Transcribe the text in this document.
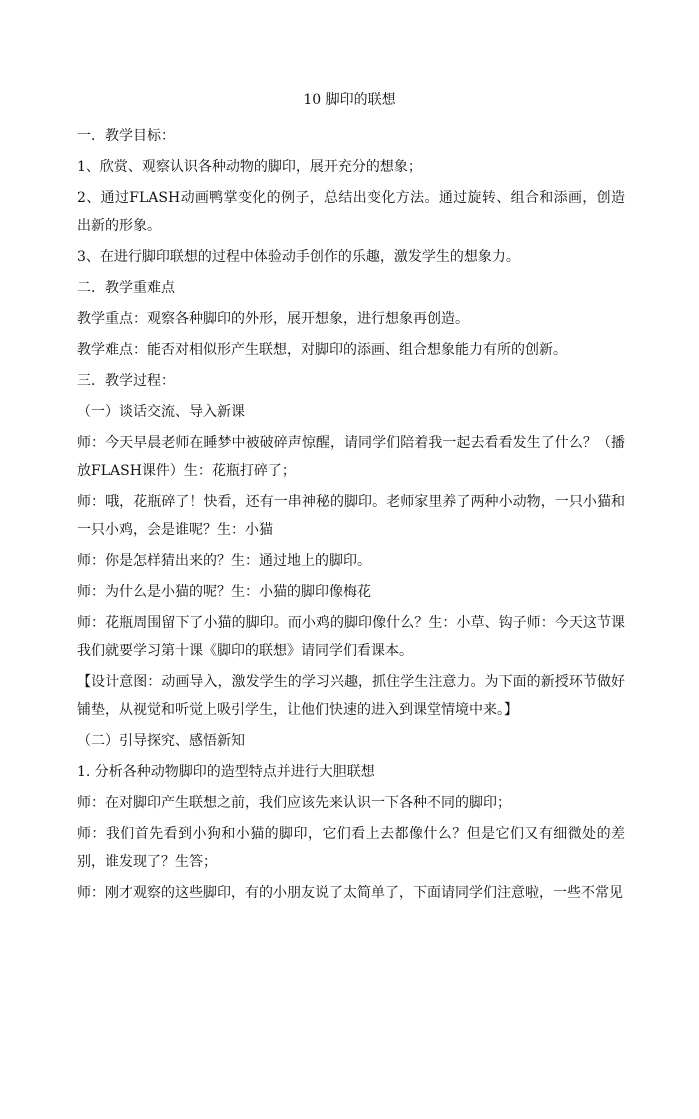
10 脚印的联想

一．教学目标：

1、欣赏、观察认识各种动物的脚印，展开充分的想象；

2、通过FLASH动画鸭掌变化的例子，总结出变化方法。通过旋转、组合和添画，创造出新的形象。

3、在进行脚印联想的过程中体验动手创作的乐趣，激发学生的想象力。

二．教学重难点

教学重点：观察各种脚印的外形，展开想象，进行想象再创造。

教学难点：能否对相似形产生联想，对脚印的添画、组合想象能力有所的创新。

三．教学过程：

（一）谈话交流、导入新课

师：今天早晨老师在睡梦中被破碎声惊醒，请同学们陪着我一起去看看发生了什么？（播放FLASH课件）生：花瓶打碎了；

师：哦，花瓶碎了！快看，还有一串神秘的脚印。老师家里养了两种小动物，一只小猫和一只小鸡，会是谁呢？生：小猫

师：你是怎样猜出来的？生：通过地上的脚印。

师：为什么是小猫的呢？生：小猫的脚印像梅花

师：花瓶周围留下了小猫的脚印。而小鸡的脚印像什么？生：小草、钩子师：今天这节课我们就要学习第十课《脚印的联想》请同学们看课本。

【设计意图：动画导入，激发学生的学习兴趣，抓住学生注意力。为下面的新授环节做好铺垫，从视觉和听觉上吸引学生，让他们快速的进入到课堂情境中来。】

（二）引导探究、感悟新知

1. 分析各种动物脚印的造型特点并进行大胆联想

师：在对脚印产生联想之前，我们应该先来认识一下各种不同的脚印；

师：我们首先看到小狗和小猫的脚印，它们看上去都像什么？但是它们又有细微处的差别，谁发现了？生答；

师：刚才观察的这些脚印，有的小朋友说了太简单了，下面请同学们注意啦，一些不常见
